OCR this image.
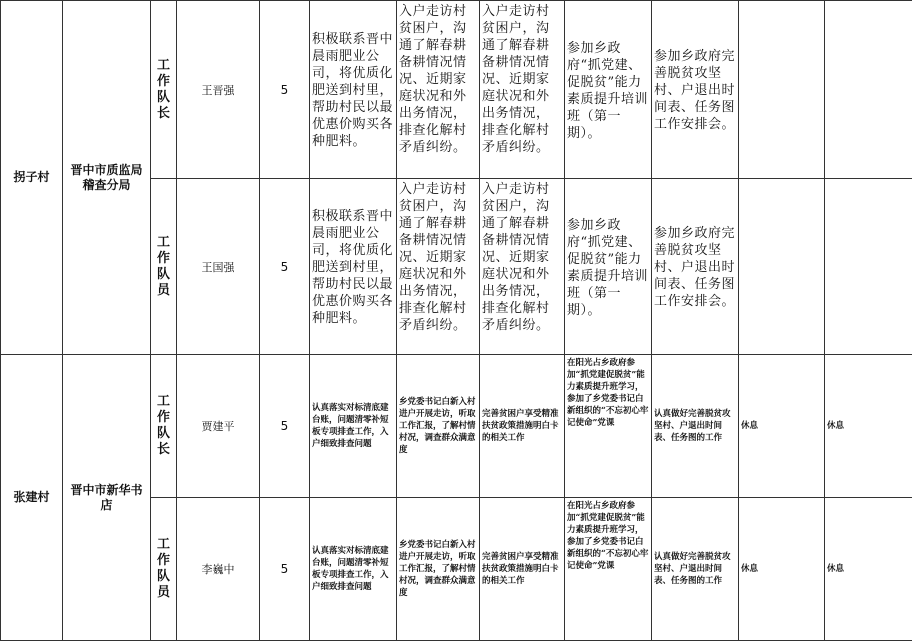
拐子村	晋中市质监局稽查分局	工
作
队
长	王晋强	5	积极联系晋中晨雨肥业公司，将优质化肥送到村里，帮助村民以最优惠价购买各种肥料。	入户走访村贫困户，沟通了解春耕备耕情况情况、近期家庭状况和外出务情况，排查化解村矛盾纠纷。	入户走访村贫困户，沟通了解春耕备耕情况情况、近期家庭状况和外出务情况，排查化解村矛盾纠纷。	参加乡政府“抓党建、促脱贫”能力素质提升培训班（第一期）。	参加乡政府完善脱贫攻坚村、户退出时间表、任务图工作安排会。		

		工
作
队
员	王国强	5	积极联系晋中晨雨肥业公司，将优质化肥送到村里，帮助村民以最优惠价购买各种肥料。	入户走访村贫困户，沟通了解春耕备耕情况情况、近期家庭状况和外出务情况，排查化解村矛盾纠纷。	入户走访村贫困户，沟通了解春耕备耕情况情况、近期家庭状况和外出务情况，排查化解村矛盾纠纷。	参加乡政府“抓党建、促脱贫”能力素质提升培训班（第一期）。	参加乡政府完善脱贫攻坚村、户退出时间表、任务图工作安排会。		
张建村	晋中市新华书店	工
作
队
长	贾建平	5	认真落实对标清底建台账，问题清零补短板专项排查工作，入户细致排查问题	乡党委书记白新入村进户开展走访，听取工作汇报，了解村情村况，调查群众满意度	完善贫困户享受精准扶贫政策措施明白卡的相关工作	在阳光占乡政府参加“抓党建促脱贫”能力素质提升班学习，参加了乡党委书记白新组织的“不忘初心牢记使命”党课	认真做好完善脱贫攻坚村、户退出时间表、任务图的工作	休息	休息

		工
作
队
员	李巍中	5	认真落实对标清底建台账，问题清零补短板专项排查工作，入户细致排查问题	乡党委书记白新入村进户开展走访，听取工作汇报，了解村情村况，调查群众满意度	完善贫困户享受精准扶贫政策措施明白卡的相关工作	在阳光占乡政府参加“抓党建促脱贫”能力素质提升班学习，参加了乡党委书记白新组织的“不忘初心牢记使命”党课	认真做好完善脱贫攻坚村、户退出时间表、任务图的工作	休息	休息
